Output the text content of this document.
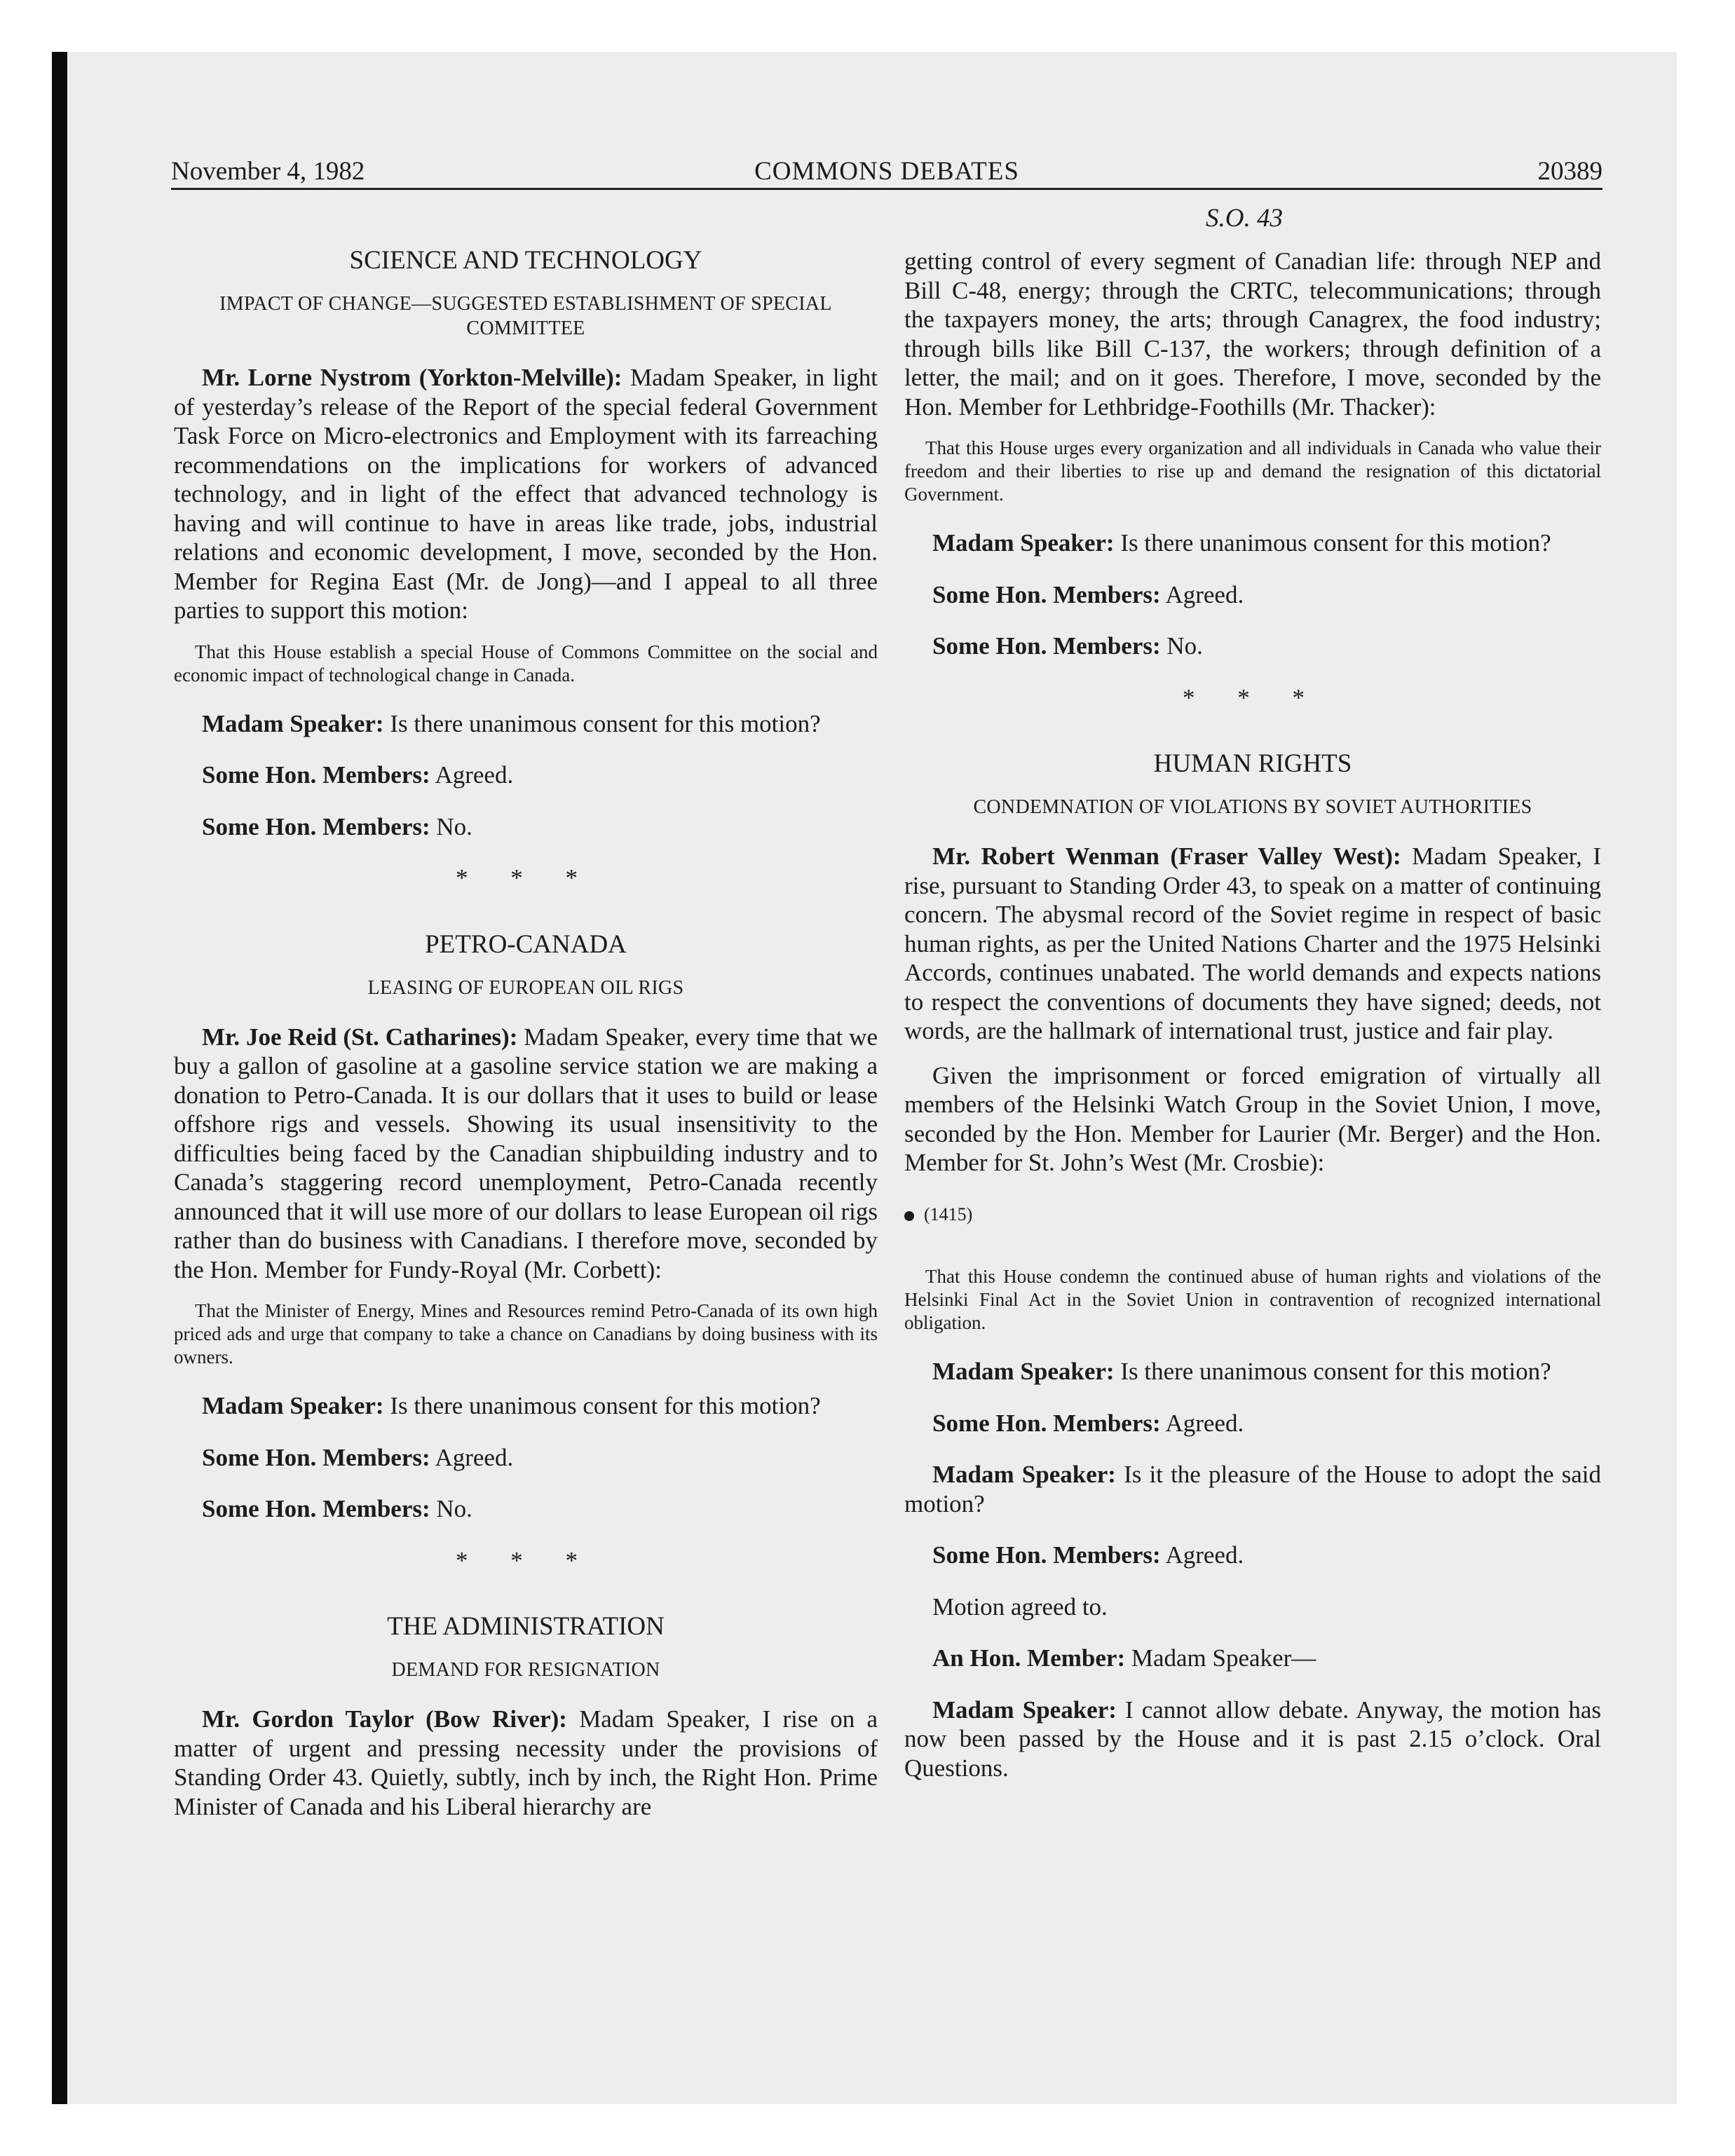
November 4, 1982	COMMONS DEBATES	20389
S.O. 43
SCIENCE AND TECHNOLOGY
IMPACT OF CHANGE—SUGGESTED ESTABLISHMENT OF SPECIAL COMMITTEE

Mr. Lorne Nystrom (Yorkton-Melville): Madam Speaker, in light of yesterday’s release of the Report of the special federal Government Task Force on Micro-electronics and Employment with its farreaching recommendations on the implications for workers of advanced technology, and in light of the effect that advanced technology is having and will continue to have in areas like trade, jobs, industrial relations and economic development, I move, seconded by the Hon. Member for Regina East (Mr. de Jong)—and I appeal to all three parties to support this motion:

That this House establish a special House of Commons Committee on the social and economic impact of technological change in Canada.

Madam Speaker: Is there unanimous consent for this motion?

Some Hon. Members: Agreed.

Some Hon. Members: No.

* * *
PETRO-CANADA
LEASING OF EUROPEAN OIL RIGS

Mr. Joe Reid (St. Catharines): Madam Speaker, every time that we buy a gallon of gasoline at a gasoline service station we are making a donation to Petro-Canada. It is our dollars that it uses to build or lease offshore rigs and vessels. Showing its usual insensitivity to the difficulties being faced by the Canadian shipbuilding industry and to Canada’s staggering record unemployment, Petro-Canada recently announced that it will use more of our dollars to lease European oil rigs rather than do business with Canadians. I therefore move, seconded by the Hon. Member for Fundy-Royal (Mr. Corbett):

That the Minister of Energy, Mines and Resources remind Petro-Canada of its own high priced ads and urge that company to take a chance on Canadians by doing business with its owners.

Madam Speaker: Is there unanimous consent for this motion?

Some Hon. Members: Agreed.

Some Hon. Members: No.

* * *
THE ADMINISTRATION
DEMAND FOR RESIGNATION

Mr. Gordon Taylor (Bow River): Madam Speaker, I rise on a matter of urgent and pressing necessity under the provisions of Standing Order 43. Quietly, subtly, inch by inch, the Right Hon. Prime Minister of Canada and his Liberal hierarchy are

getting control of every segment of Canadian life: through NEP and Bill C-48, energy; through the CRTC, telecommunications; through the taxpayers money, the arts; through Canagrex, the food industry; through bills like Bill C-137, the workers; through definition of a letter, the mail; and on it goes. Therefore, I move, seconded by the Hon. Member for Lethbridge-Foothills (Mr. Thacker):

That this House urges every organization and all individuals in Canada who value their freedom and their liberties to rise up and demand the resignation of this dictatorial Government.

Madam Speaker: Is there unanimous consent for this motion?

Some Hon. Members: Agreed.

Some Hon. Members: No.

* * *
HUMAN RIGHTS
CONDEMNATION OF VIOLATIONS BY SOVIET AUTHORITIES

Mr. Robert Wenman (Fraser Valley West): Madam Speaker, I rise, pursuant to Standing Order 43, to speak on a matter of continuing concern. The abysmal record of the Soviet regime in respect of basic human rights, as per the United Nations Charter and the 1975 Helsinki Accords, continues unabated. The world demands and expects nations to respect the conventions of documents they have signed; deeds, not words, are the hallmark of international trust, justice and fair play.

Given the imprisonment or forced emigration of virtually all members of the Helsinki Watch Group in the Soviet Union, I move, seconded by the Hon. Member for Laurier (Mr. Berger) and the Hon. Member for St. John’s West (Mr. Crosbie):

(1415)
That this House condemn the continued abuse of human rights and violations of the Helsinki Final Act in the Soviet Union in contravention of recognized international obligation.

Madam Speaker: Is there unanimous consent for this motion?

Some Hon. Members: Agreed.

Madam Speaker: Is it the pleasure of the House to adopt the said motion?

Some Hon. Members: Agreed.

Motion agreed to.

An Hon. Member: Madam Speaker—

Madam Speaker: I cannot allow debate. Anyway, the motion has now been passed by the House and it is past 2.15 o’clock. Oral Questions.
